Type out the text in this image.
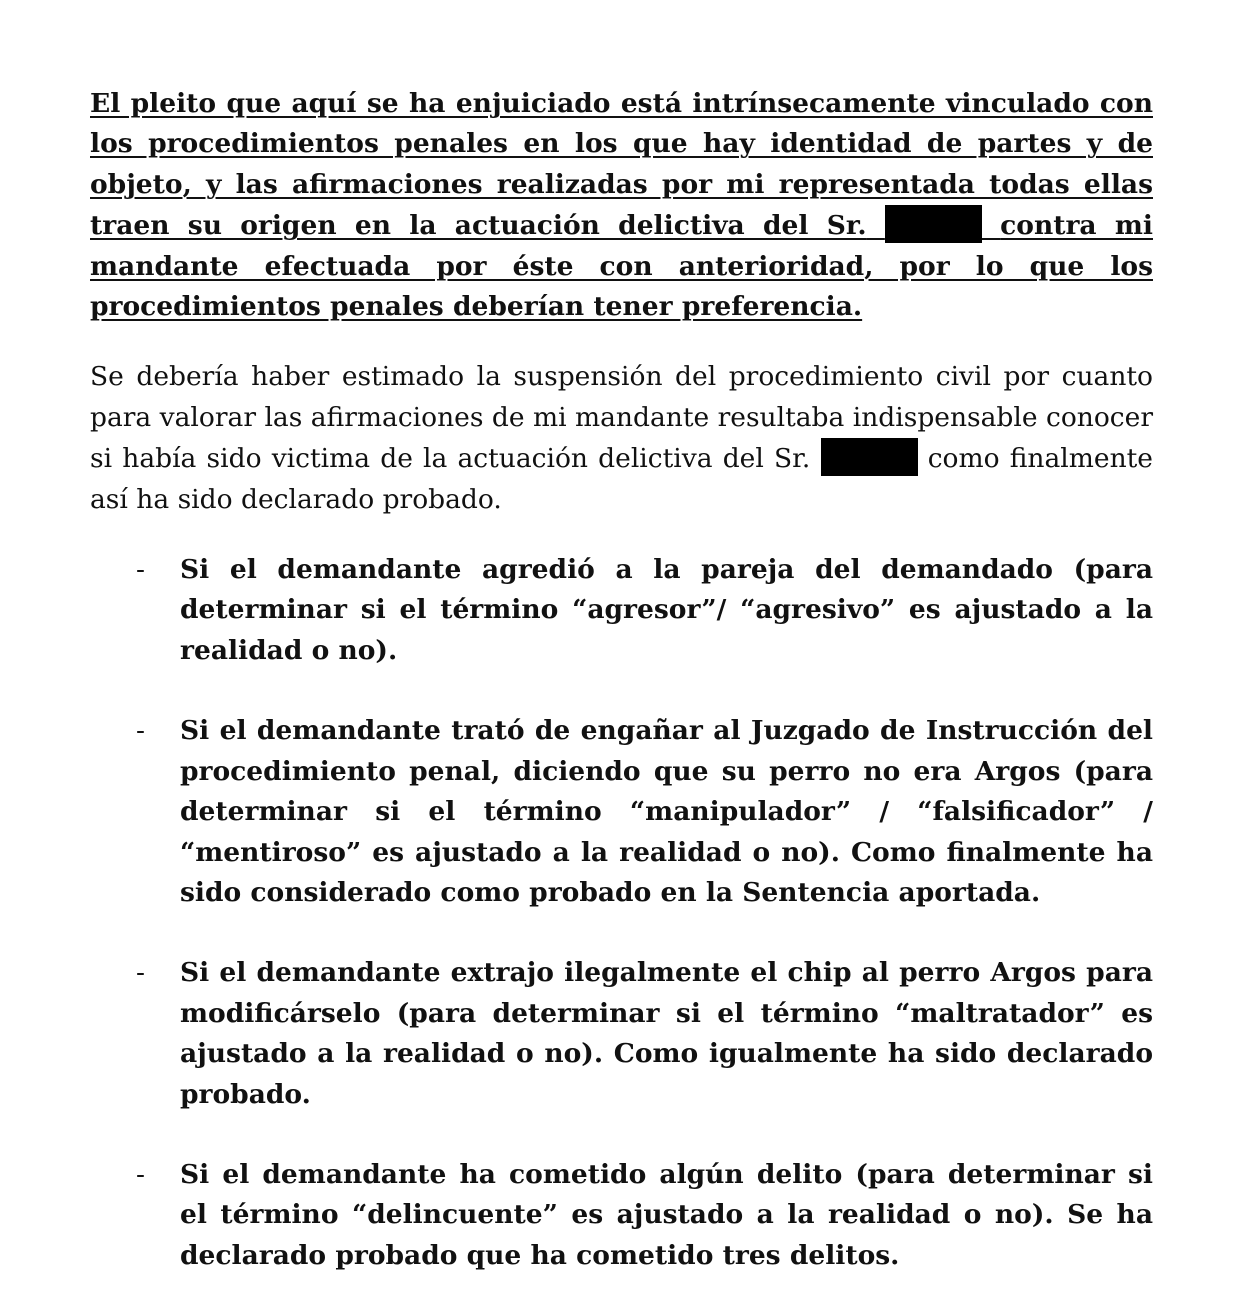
El pleito que aquí se ha enjuiciado está intrínsecamente vinculado con los procedimientos penales en los que hay identidad de partes y de objeto, y las afirmaciones realizadas por mi representada todas ellas traen su origen en la actuación delictiva del Sr.	contra mi mandante efectuada por éste con anterioridad, por lo que los procedimientos penales deberían tener preferencia.

Se debería haber estimado la suspensión del procedimiento civil por cuanto para valorar las afirmaciones de mi mandante resultaba indispensable conocer si había sido victima de la actuación delictiva del Sr.	como finalmente así ha sido declarado probado.

- Si el demandante agredió a la pareja del demandado (para determinar si el término “agresor”/ “agresivo” es ajustado a la realidad o no).
- Si el demandante trató de engañar al Juzgado de Instrucción del procedimiento penal, diciendo que su perro no era Argos (para determinar si el término “manipulador” / “falsificador” / “mentiroso” es ajustado a la realidad o no). Como finalmente ha sido considerado como probado en la Sentencia aportada.
- Si el demandante extrajo ilegalmente el chip al perro Argos para modificárselo (para determinar si el término “maltratador” es ajustado a la realidad o no). Como igualmente ha sido declarado probado.
- Si el demandante ha cometido algún delito (para determinar si el término “delincuente” es ajustado a la realidad o no). Se ha declarado probado que ha cometido tres delitos.
